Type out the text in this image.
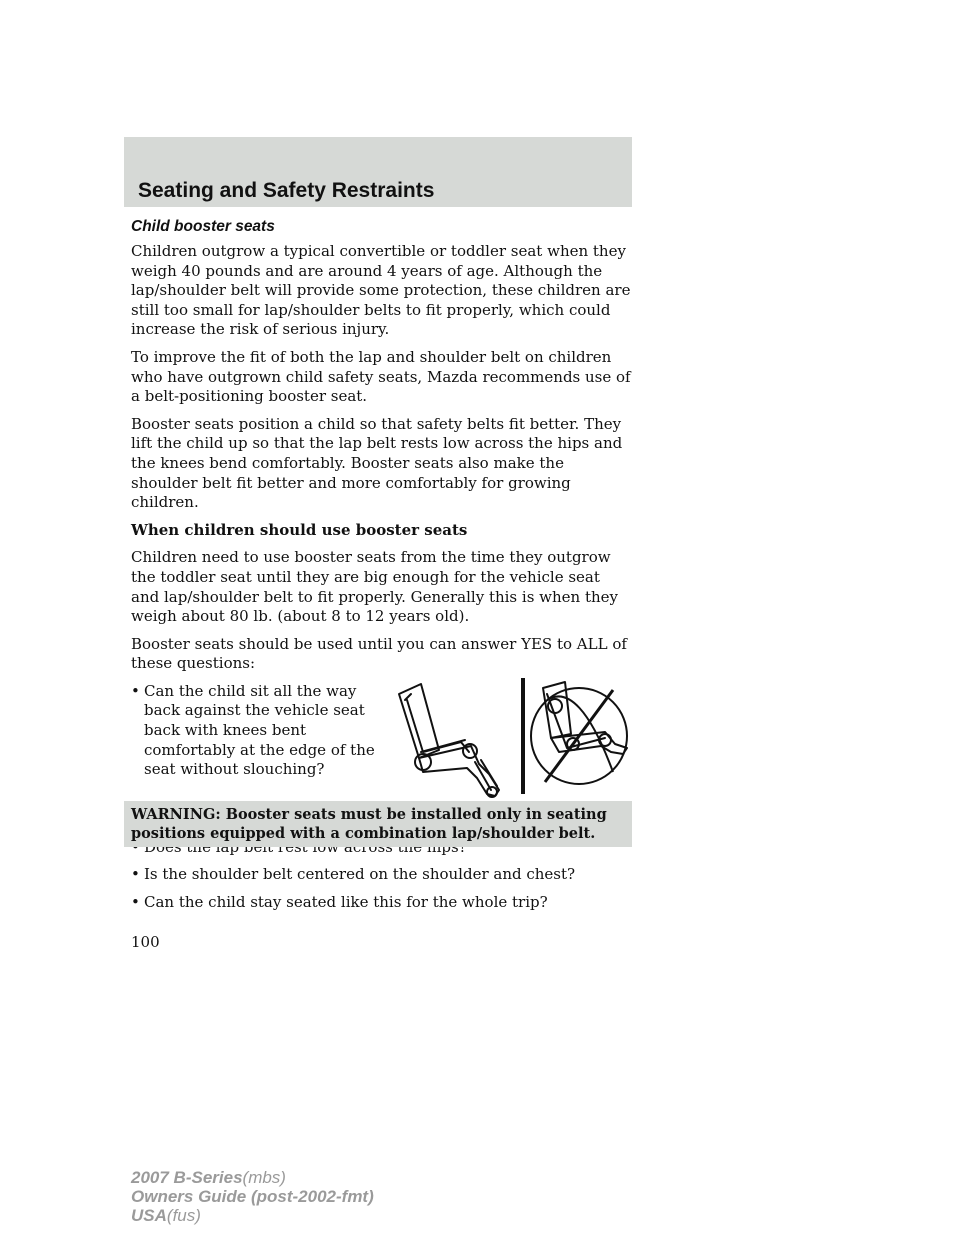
Seating and Safety Restraints
Child booster seats

Children outgrow a typical convertible or toddler seat when they weigh 40 pounds and are around 4 years of age. Although the lap/shoulder belt will provide some protection, these children are still too small for lap/shoulder belts to fit properly, which could increase the risk of serious injury.

To improve the fit of both the lap and shoulder belt on children who have outgrown child safety seats, Mazda recommends use of a belt-positioning booster seat.

Booster seats position a child so that safety belts fit better. They lift the child up so that the lap belt rests low across the hips and the knees bend comfortably. Booster seats also make the shoulder belt fit better and more comfortably for growing children.

When children should use booster seats

Children need to use booster seats from the time they outgrow the toddler seat until they are big enough for the vehicle seat and lap/shoulder belt to fit properly. Generally this is when they weigh about 80 lb. (about 8 to 12 years old).

Booster seats should be used until you can answer YES to ALL of these questions:

• Can the child sit all the way back against the vehicle seat back with knees bent comfortably at the edge of the seat without slouching?
• Is the shoulder belt centered on the shoulder and chest?
• Can the child stay seated like this for the whole trip?
WARNING: Booster seats must be installed only in seating positions equipped with a combination lap/shoulder belt.
100
2007 B-Series(mbs)
Owners Guide (post-2002-fmt)
USA(fus)
